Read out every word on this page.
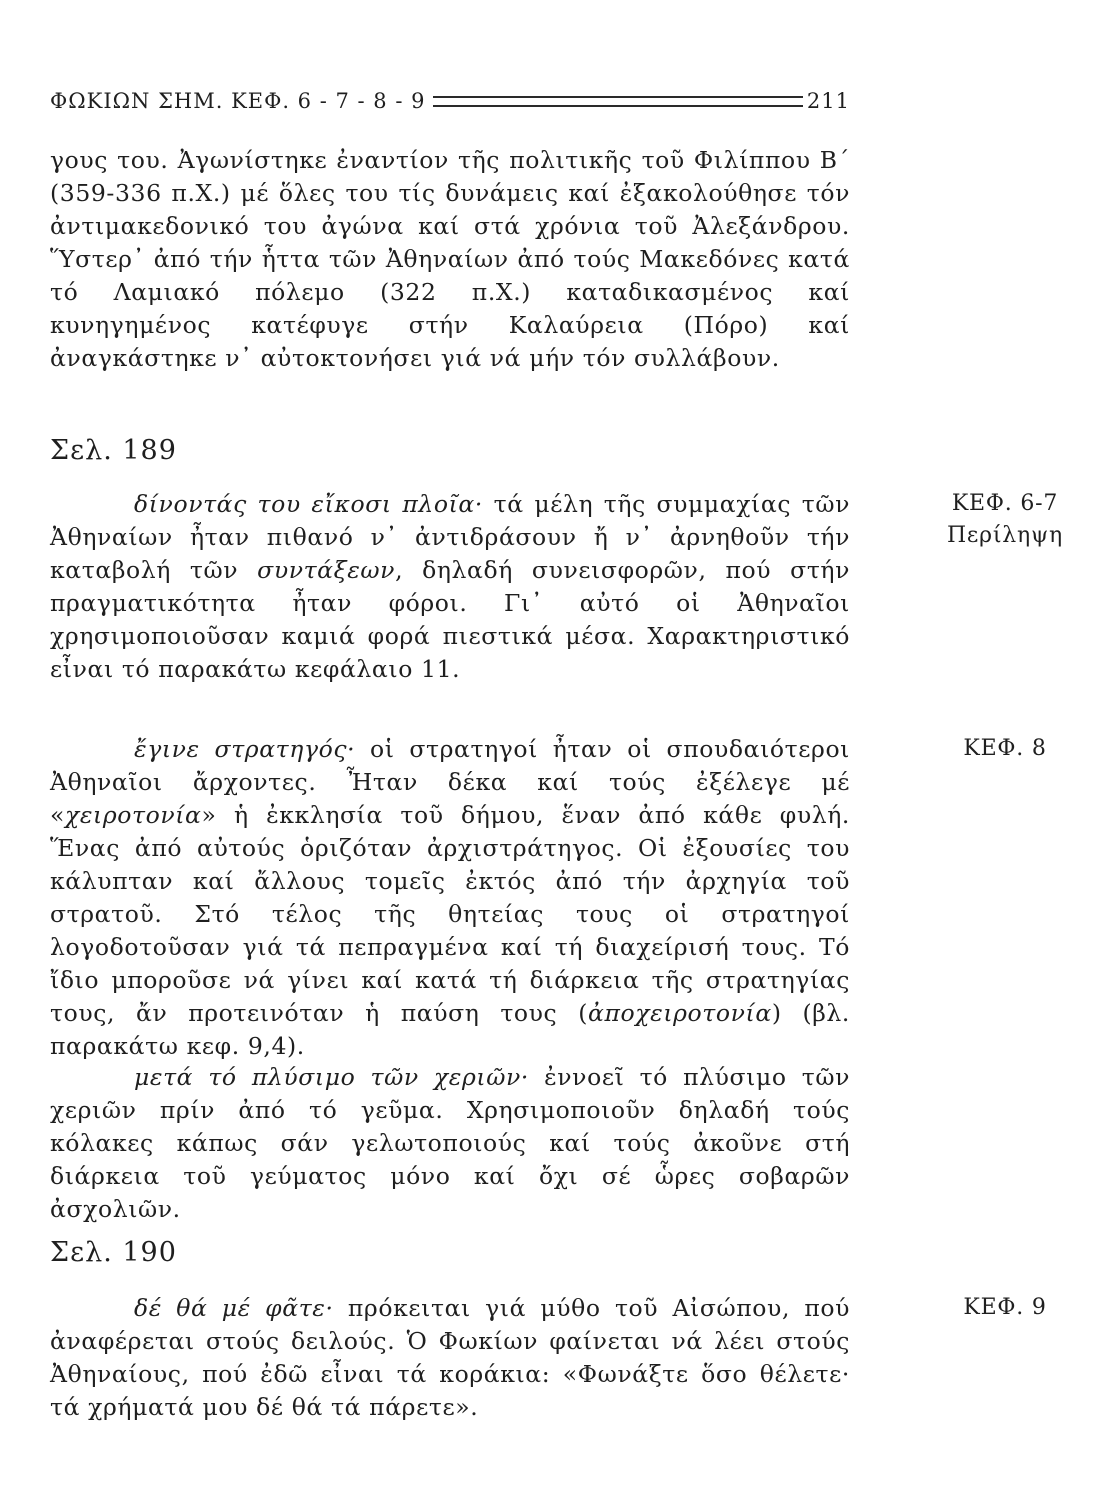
ΦΩΚΙΩΝ ΣΗΜ. ΚΕΦ. 6 - 7 - 8 - 9	211

γους του. Ἀγωνίστηκε ἐναντίον τῆς πολιτικῆς τοῦ Φιλίππου Β΄ (359-336 π.Χ.) μέ ὅλες του τίς δυνάμεις καί ἐξακολούθησε τόν ἀντιμακεδονικό του ἀγώνα καί στά χρόνια τοῦ Ἀλεξάνδρου. Ὕστερ᾽ ἀπό τήν ἧττα τῶν Ἀθηναίων ἀπό τούς Μακεδόνες κατά τό Λαμιακό πόλεμο (322 π.Χ.) καταδικασμένος καί κυνηγημένος κατέφυγε στήν Καλαύρεια (Πόρο) καί ἀναγκάστηκε ν᾽ αὐτοκτονήσει γιά νά μήν τόν συλλάβουν.

Σελ. 189
ΚΕΦ. 6-7
Περίληψη

δίνοντάς του εἴκοσι πλοῖα· τά μέλη τῆς συμμαχίας τῶν Ἀθηναίων ἦταν πιθανό ν᾽ ἀντιδράσουν ἤ ν᾽ ἀρνηθοῦν τήν καταβολή τῶν συντάξεων, δηλαδή συνεισφορῶν, πού στήν πραγματικότητα ἦταν φόροι. Γι᾽ αὐτό οἱ Ἀθηναῖοι χρησιμοποιοῦσαν καμιά φορά πιεστικά μέσα. Χαρακτηριστικό εἶναι τό παρακάτω κεφάλαιο 11.

ΚΕΦ. 8

ἔγινε στρατηγός· οἱ στρατηγοί ἦταν οἱ σπουδαιότεροι Ἀθηναῖοι ἄρχοντες. Ἦταν δέκα καί τούς ἐξέλεγε μέ «χειροτονία» ἡ ἐκκλησία τοῦ δήμου, ἕναν ἀπό κάθε φυλή. Ἕνας ἀπό αὐτούς ὁριζόταν ἀρχιστράτηγος. Οἱ ἐξουσίες του κάλυπταν καί ἄλλους τομεῖς ἐκτός ἀπό τήν ἀρχηγία τοῦ στρατοῦ. Στό τέλος τῆς θητείας τους οἱ στρατηγοί λογοδοτοῦσαν γιά τά πεπραγμένα καί τή διαχείρισή τους. Τό ἴδιο μποροῦσε νά γίνει καί κατά τή διάρκεια τῆς στρατηγίας τους, ἄν προτεινόταν ἡ παύση τους (ἀποχειροτονία) (βλ. παρακάτω κεφ. 9,4).

μετά τό πλύσιμο τῶν χεριῶν· ἐννοεῖ τό πλύσιμο τῶν χεριῶν πρίν ἀπό τό γεῦμα. Χρησιμοποιοῦν δηλαδή τούς κόλακες κάπως σάν γελωτοποιούς καί τούς ἀκοῦνε στή διάρκεια τοῦ γεύματος μόνο καί ὄχι σέ ὧρες σοβαρῶν ἀσχολιῶν.

Σελ. 190
ΚΕΦ. 9

δέ θά μέ φᾶτε· πρόκειται γιά μύθο τοῦ Αἰσώπου, πού ἀναφέρεται στούς δειλούς. Ὁ Φωκίων φαίνεται νά λέει στούς Ἀθηναίους, πού ἐδῶ εἶναι τά κοράκια: «Φωνάξτε ὅσο θέλετε· τά χρήματά μου δέ θά τά πάρετε».
